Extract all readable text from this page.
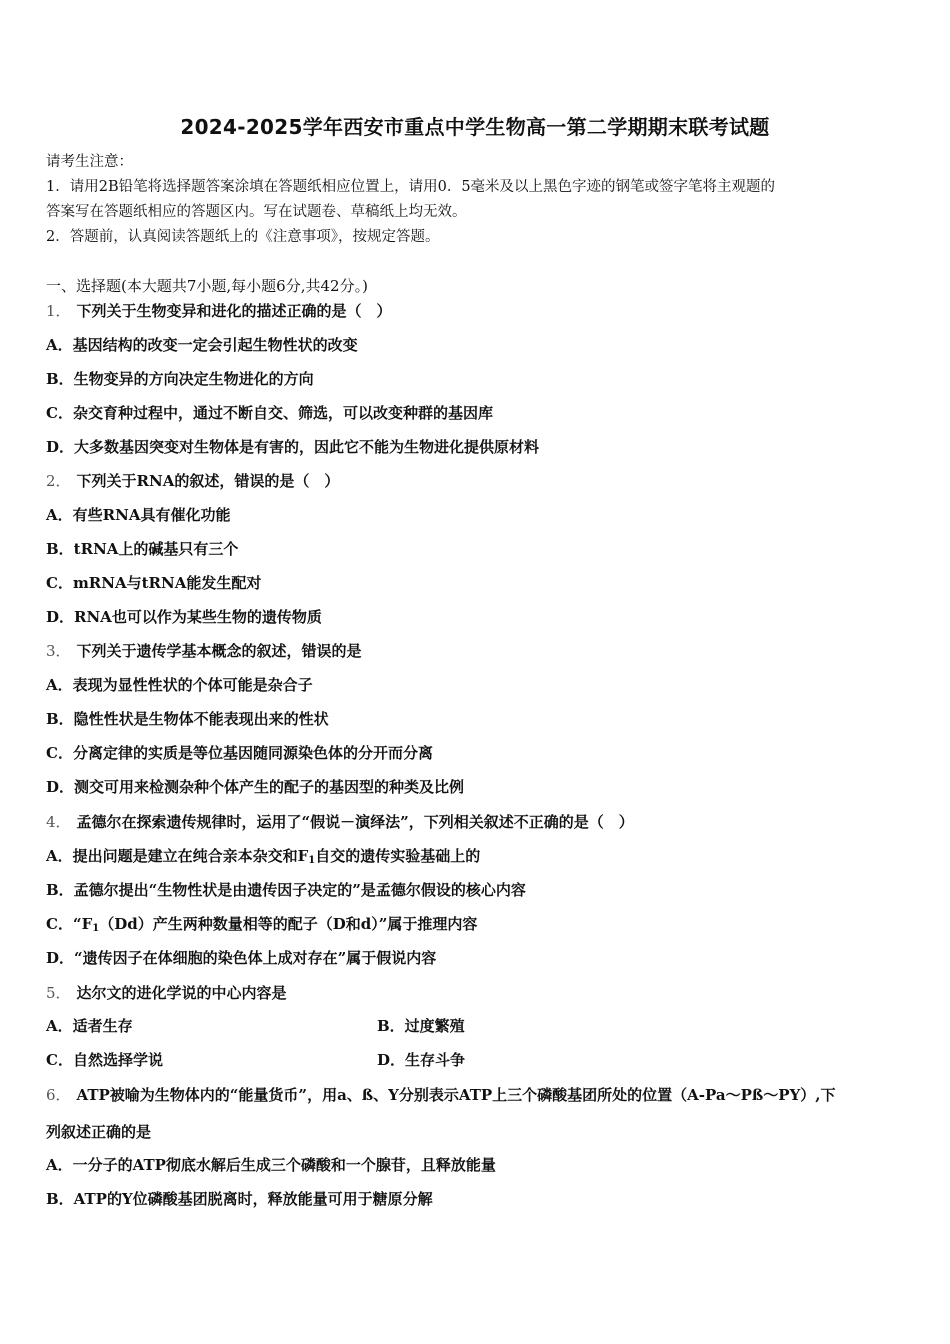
2024-2025学年西安市重点中学生物高一第二学期期末联考试题
请考生注意：
1．请用2B铅笔将选择题答案涂填在答题纸相应位置上，请用0．5毫米及以上黑色字迹的钢笔或签字笔将主观题的
答案写在答题纸相应的答题区内。写在试题卷、草稿纸上均无效。
2．答题前，认真阅读答题纸上的《注意事项》，按规定答题。
一、选择题(本大题共7小题,每小题6分,共42分。)
1． 下列关于生物变异和进化的描述正确的是（　）
A．基因结构的改变一定会引起生物性状的改变
B．生物变异的方向决定生物进化的方向
C．杂交育种过程中，通过不断自交、筛选，可以改变种群的基因库
D．大多数基因突变对生物体是有害的，因此它不能为生物进化提供原材料
2． 下列关于RNA的叙述，错误的是（　）
A．有些RNA具有催化功能
B．tRNA上的碱基只有三个
C．mRNA与tRNA能发生配对
D．RNA也可以作为某些生物的遗传物质
3． 下列关于遗传学基本概念的叙述，错误的是
A．表现为显性性状的个体可能是杂合子
B．隐性性状是生物体不能表现出来的性状
C．分离定律的实质是等位基因随同源染色体的分开而分离
D．测交可用来检测杂种个体产生的配子的基因型的种类及比例
4． 孟德尔在探索遗传规律时，运用了“假说－演绎法”，下列相关叙述不正确的是（　）
A．提出问题是建立在纯合亲本杂交和$F_1$自交的遗传实验基础上的
B．孟德尔提出“生物性状是由遗传因子决定的”是孟德尔假设的核心内容
C．“$F_1(Dd)$产生两种数量相等的配子（D和d）”属于推理内容
D．“遗传因子在体细胞的染色体上成对存在”属于假说内容
5． 达尔文的进化学说的中心内容是
A．适者生存	B．过度繁殖
C．自然选择学说	D．生存斗争
6． ATP被喻为生物体内的“能量货币”，用a、ß、Y分别表示ATP上三个磷酸基团所处的位置（A-Pa～Pß～PY）,下
列叙述正确的是
A．一分子的ATP彻底水解后生成三个磷酸和一个腺苷，且释放能量
B．ATP的Y位磷酸基团脱离时，释放能量可用于糖原分解
